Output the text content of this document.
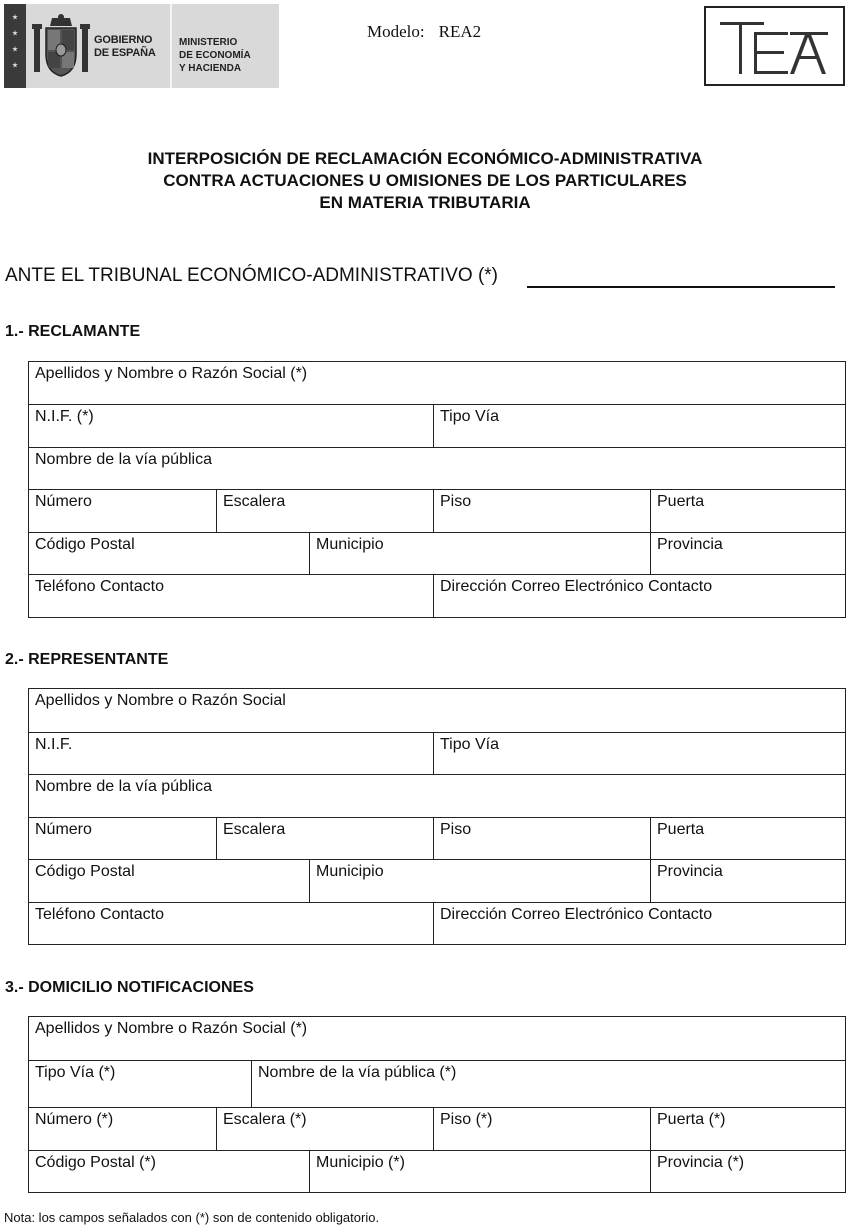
GOBIERNO
DE ESPAÑA
MINISTERIO
DE ECONOMÍA
Y HACIENDA
Modelo: REA2
INTERPOSICIÓN DE RECLAMACIÓN ECONÓMICO-ADMINISTRATIVA
CONTRA ACTUACIONES U OMISIONES DE LOS PARTICULARES
EN MATERIA TRIBUTARIA
ANTE EL TRIBUNAL ECONÓMICO-ADMINISTRATIVO (*)
1.- RECLAMANTE
Apellidos y Nombre o Razón Social (*)
N.I.F. (*)	Tipo Vía
Nombre de la vía pública
Número	Escalera	Piso	Puerta
Código Postal	Municipio	Provincia
Teléfono Contacto	Dirección Correo Electrónico Contacto
2.- REPRESENTANTE
Apellidos y Nombre o Razón Social
N.I.F.	Tipo Vía
Nombre de la vía pública
Número	Escalera	Piso	Puerta
Código Postal	Municipio	Provincia
Teléfono Contacto	Dirección Correo Electrónico Contacto
3.- DOMICILIO NOTIFICACIONES
Apellidos y Nombre o Razón Social (*)
Tipo Vía (*)	Nombre de la vía pública (*)
Número (*)	Escalera (*)	Piso (*)	Puerta (*)
Código Postal (*)	Municipio (*)	Provincia (*)
Nota: los campos señalados con (*) son de contenido obligatorio.
